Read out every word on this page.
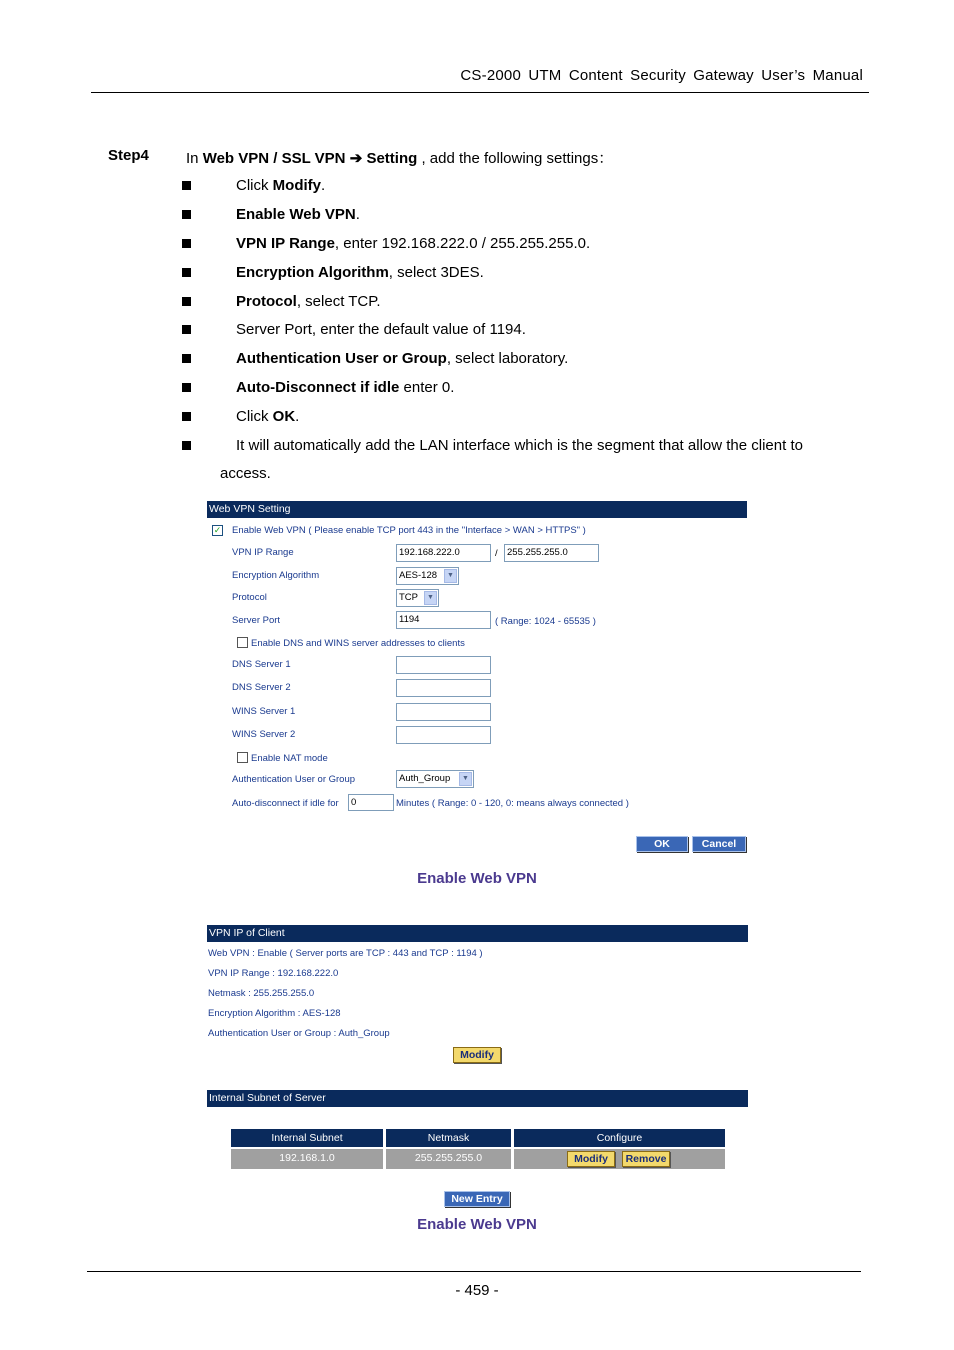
CS-2000 UTM Content Security Gateway User’s Manual
Step4 In Web VPN / SSL VPN ➔ Setting , add the following settings：
Click Modify.
Enable Web VPN.
VPN IP Range, enter 192.168.222.0 / 255.255.255.0.
Encryption Algorithm, select 3DES.
Protocol, select TCP.
Server Port, enter the default value of 1194.
Authentication User or Group, select laboratory.
Auto-Disconnect if idle enter 0.
Click OK.
It will automatically add the LAN interface which is the segment that allow the client to
access.
Web VPN Setting
✓ Enable Web VPN ( Please enable TCP port 443 in the "Interface > WAN > HTTPS" )
VPN IP Range	192.168.222.0	/ 255.255.255.0
Encryption Algorithm	AES-128	▼
Protocol	TCP	▼
Server Port	1194	( Range: 1024 - 65535 )
Enable DNS and WINS server addresses to clients
DNS Server 1
DNS Server 2
WINS Server 1
WINS Server 2
Enable NAT mode
Authentication User or Group	Auth_Group	▼
Auto-disconnect if idle for	0	Minutes ( Range: 0 - 120, 0: means always connected )
OK	Cancel
Enable Web VPN
VPN IP of Client
Web VPN : Enable ( Server ports are TCP : 443 and TCP : 1194 )
VPN IP Range : 192.168.222.0
Netmask : 255.255.255.0
Encryption Algorithm : AES-128
Authentication User or Group : Auth_Group
Modify
Internal Subnet of Server
Internal Subnet	Netmask	Configure
192.168.1.0	255.255.255.0	Modify	Remove
New Entry
Enable Web VPN
- 459 -
